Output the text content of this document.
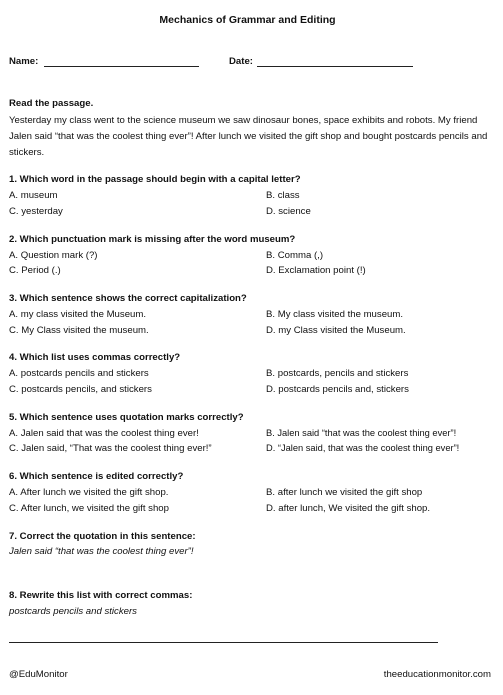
Mechanics of Grammar and Editing
Name:	Date:
Read the passage.
Yesterday my class went to the science museum we saw dinosaur bones, space exhibits and robots. My friend Jalen said “that was the coolest thing ever”! After lunch we visited the gift shop and bought postcards pencils and stickers.
1. Which word in the passage should begin with a capital letter?
A. museum	B. class
C. yesterday	D. science
2. Which punctuation mark is missing after the word museum?
A. Question mark (?)	B. Comma (,)
C. Period (.)	D. Exclamation point (!)
3. Which sentence shows the correct capitalization?
A. my class visited the Museum.	B. My class visited the museum.
C. My Class visited the museum.	D. my Class visited the Museum.
4. Which list uses commas correctly?
A. postcards pencils and stickers	B. postcards, pencils and stickers
C. postcards pencils, and stickers	D. postcards pencils and, stickers
5. Which sentence uses quotation marks correctly?
A. Jalen said that was the coolest thing ever!	B. Jalen said “that was the coolest thing ever”!
C. Jalen said, “That was the coolest thing ever!”	D. “Jalen said, that was the coolest thing ever”!
6. Which sentence is edited correctly?
A. After lunch we visited the gift shop.	B. after lunch we visited the gift shop
C. After lunch, we visited the gift shop	D. after lunch, We visited the gift shop.
7. Correct the quotation in this sentence:
Jalen said “that was the coolest thing ever”!
8. Rewrite this list with correct commas:
postcards pencils and stickers
@EduMonitor	theeducationmonitor.com
